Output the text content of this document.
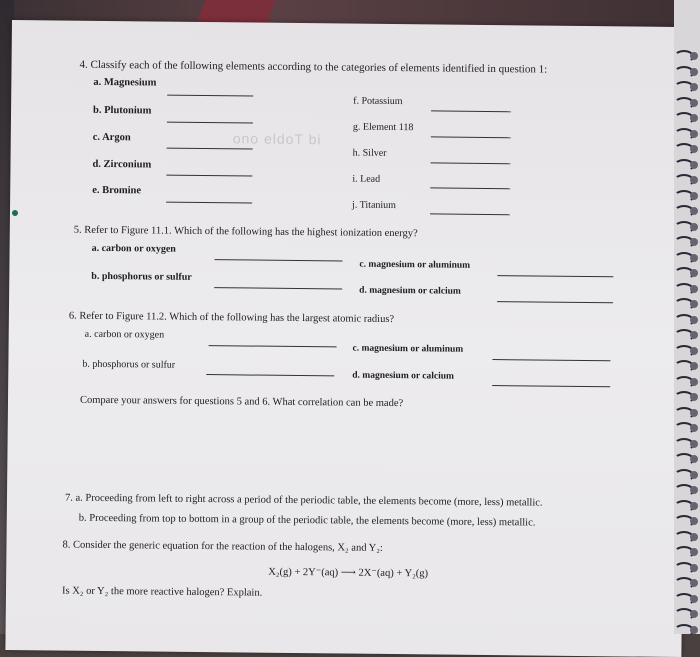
ono eldoT bi
4. Classify each of the following elements according to the categories of elements identified in question 1:
a. Magnesium
b. Plutonium
c. Argon
d. Zirconium
e. Bromine
f. Potassium
g. Element 118
h. Silver
i. Lead
j. Titanium
5. Refer to Figure 11.1. Which of the following has the highest ionization energy?
a. carbon or oxygen
b. phosphorus or sulfur
c. magnesium or aluminum
d. magnesium or calcium
6. Refer to Figure 11.2. Which of the following has the largest atomic radius?
a. carbon or oxygen
b. phosphorus or sulfur
c. magnesium or aluminum
d. magnesium or calcium
Compare your answers for questions 5 and 6. What correlation can be made?
7. a. Proceeding from left to right across a period of the periodic table, the elements become (more, less) metallic.
b. Proceeding from top to bottom in a group of the periodic table, the elements become (more, less) metallic.
8. Consider the generic equation for the reaction of the halogens, X₂ and Y₂:
X₂(g) + 2Y⁻(aq) ⟶ 2X⁻(aq) + Y₂(g)
Is X₂ or Y₂ the more reactive halogen? Explain.
